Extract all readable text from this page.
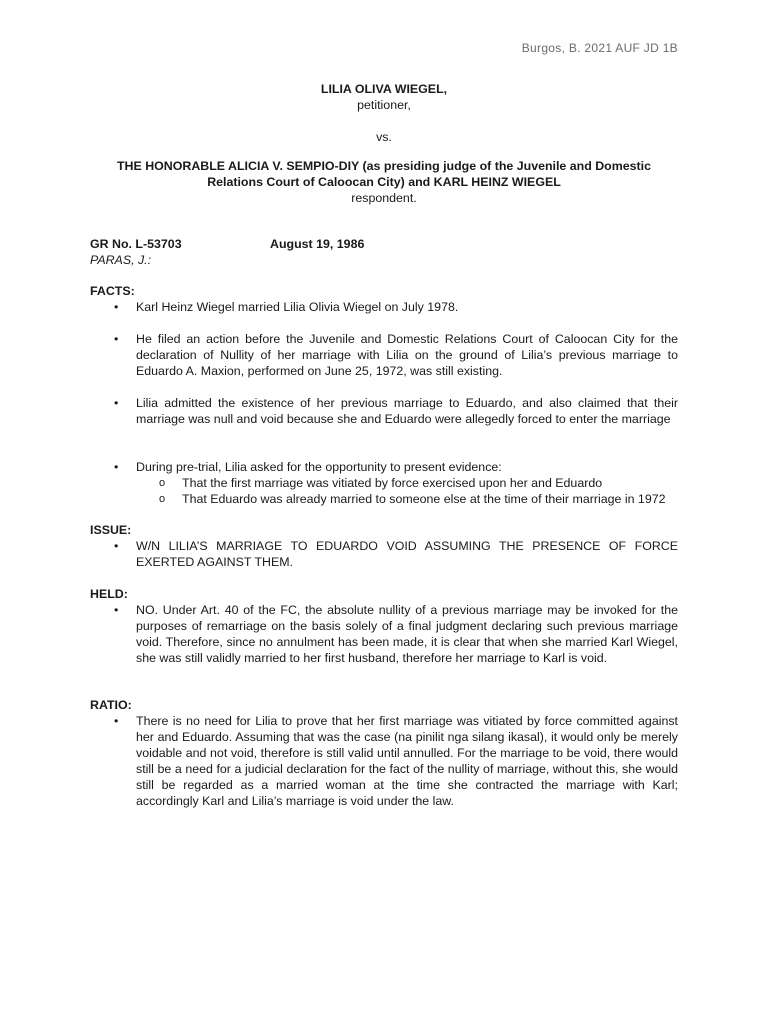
Burgos, B. 2021 AUF JD 1B
LILIA OLIVA WIEGEL,
petitioner,
vs.
THE HONORABLE ALICIA V. SEMPIO-DIY (as presiding judge of the Juvenile and Domestic Relations Court of Caloocan City) and KARL HEINZ WIEGEL
respondent.
GR No. L-53703	August 19, 1986
PARAS, J.:
FACTS:
• Karl Heinz Wiegel married Lilia Olivia Wiegel on July 1978.
• He filed an action before the Juvenile and Domestic Relations Court of Caloocan City for the declaration of Nullity of her marriage with Lilia on the ground of Lilia’s previous marriage to Eduardo A. Maxion, performed on June 25, 1972, was still existing.
• Lilia admitted the existence of her previous marriage to Eduardo, and also claimed that their marriage was null and void because she and Eduardo were allegedly forced to enter the marriage
• During pre-trial, Lilia asked for the opportunity to present evidence:
o That the first marriage was vitiated by force exercised upon her and Eduardo
o That Eduardo was already married to someone else at the time of their marriage in 1972
ISSUE:
• W/N LILIA’S MARRIAGE TO EDUARDO VOID ASSUMING THE PRESENCE OF FORCE EXERTED AGAINST THEM.
HELD:
• NO. Under Art. 40 of the FC, the absolute nullity of a previous marriage may be invoked for the purposes of remarriage on the basis solely of a final judgment declaring such previous marriage void. Therefore, since no annulment has been made, it is clear that when she married Karl Wiegel, she was still validly married to her first husband, therefore her marriage to Karl is void.
RATIO:
• There is no need for Lilia to prove that her first marriage was vitiated by force committed against her and Eduardo. Assuming that was the case (na pinilit nga silang ikasal), it would only be merely voidable and not void, therefore is still valid until annulled. For the marriage to be void, there would still be a need for a judicial declaration for the fact of the nullity of marriage, without this, she would still be regarded as a married woman at the time she contracted the marriage with Karl; accordingly Karl and Lilia’s marriage is void under the law.
